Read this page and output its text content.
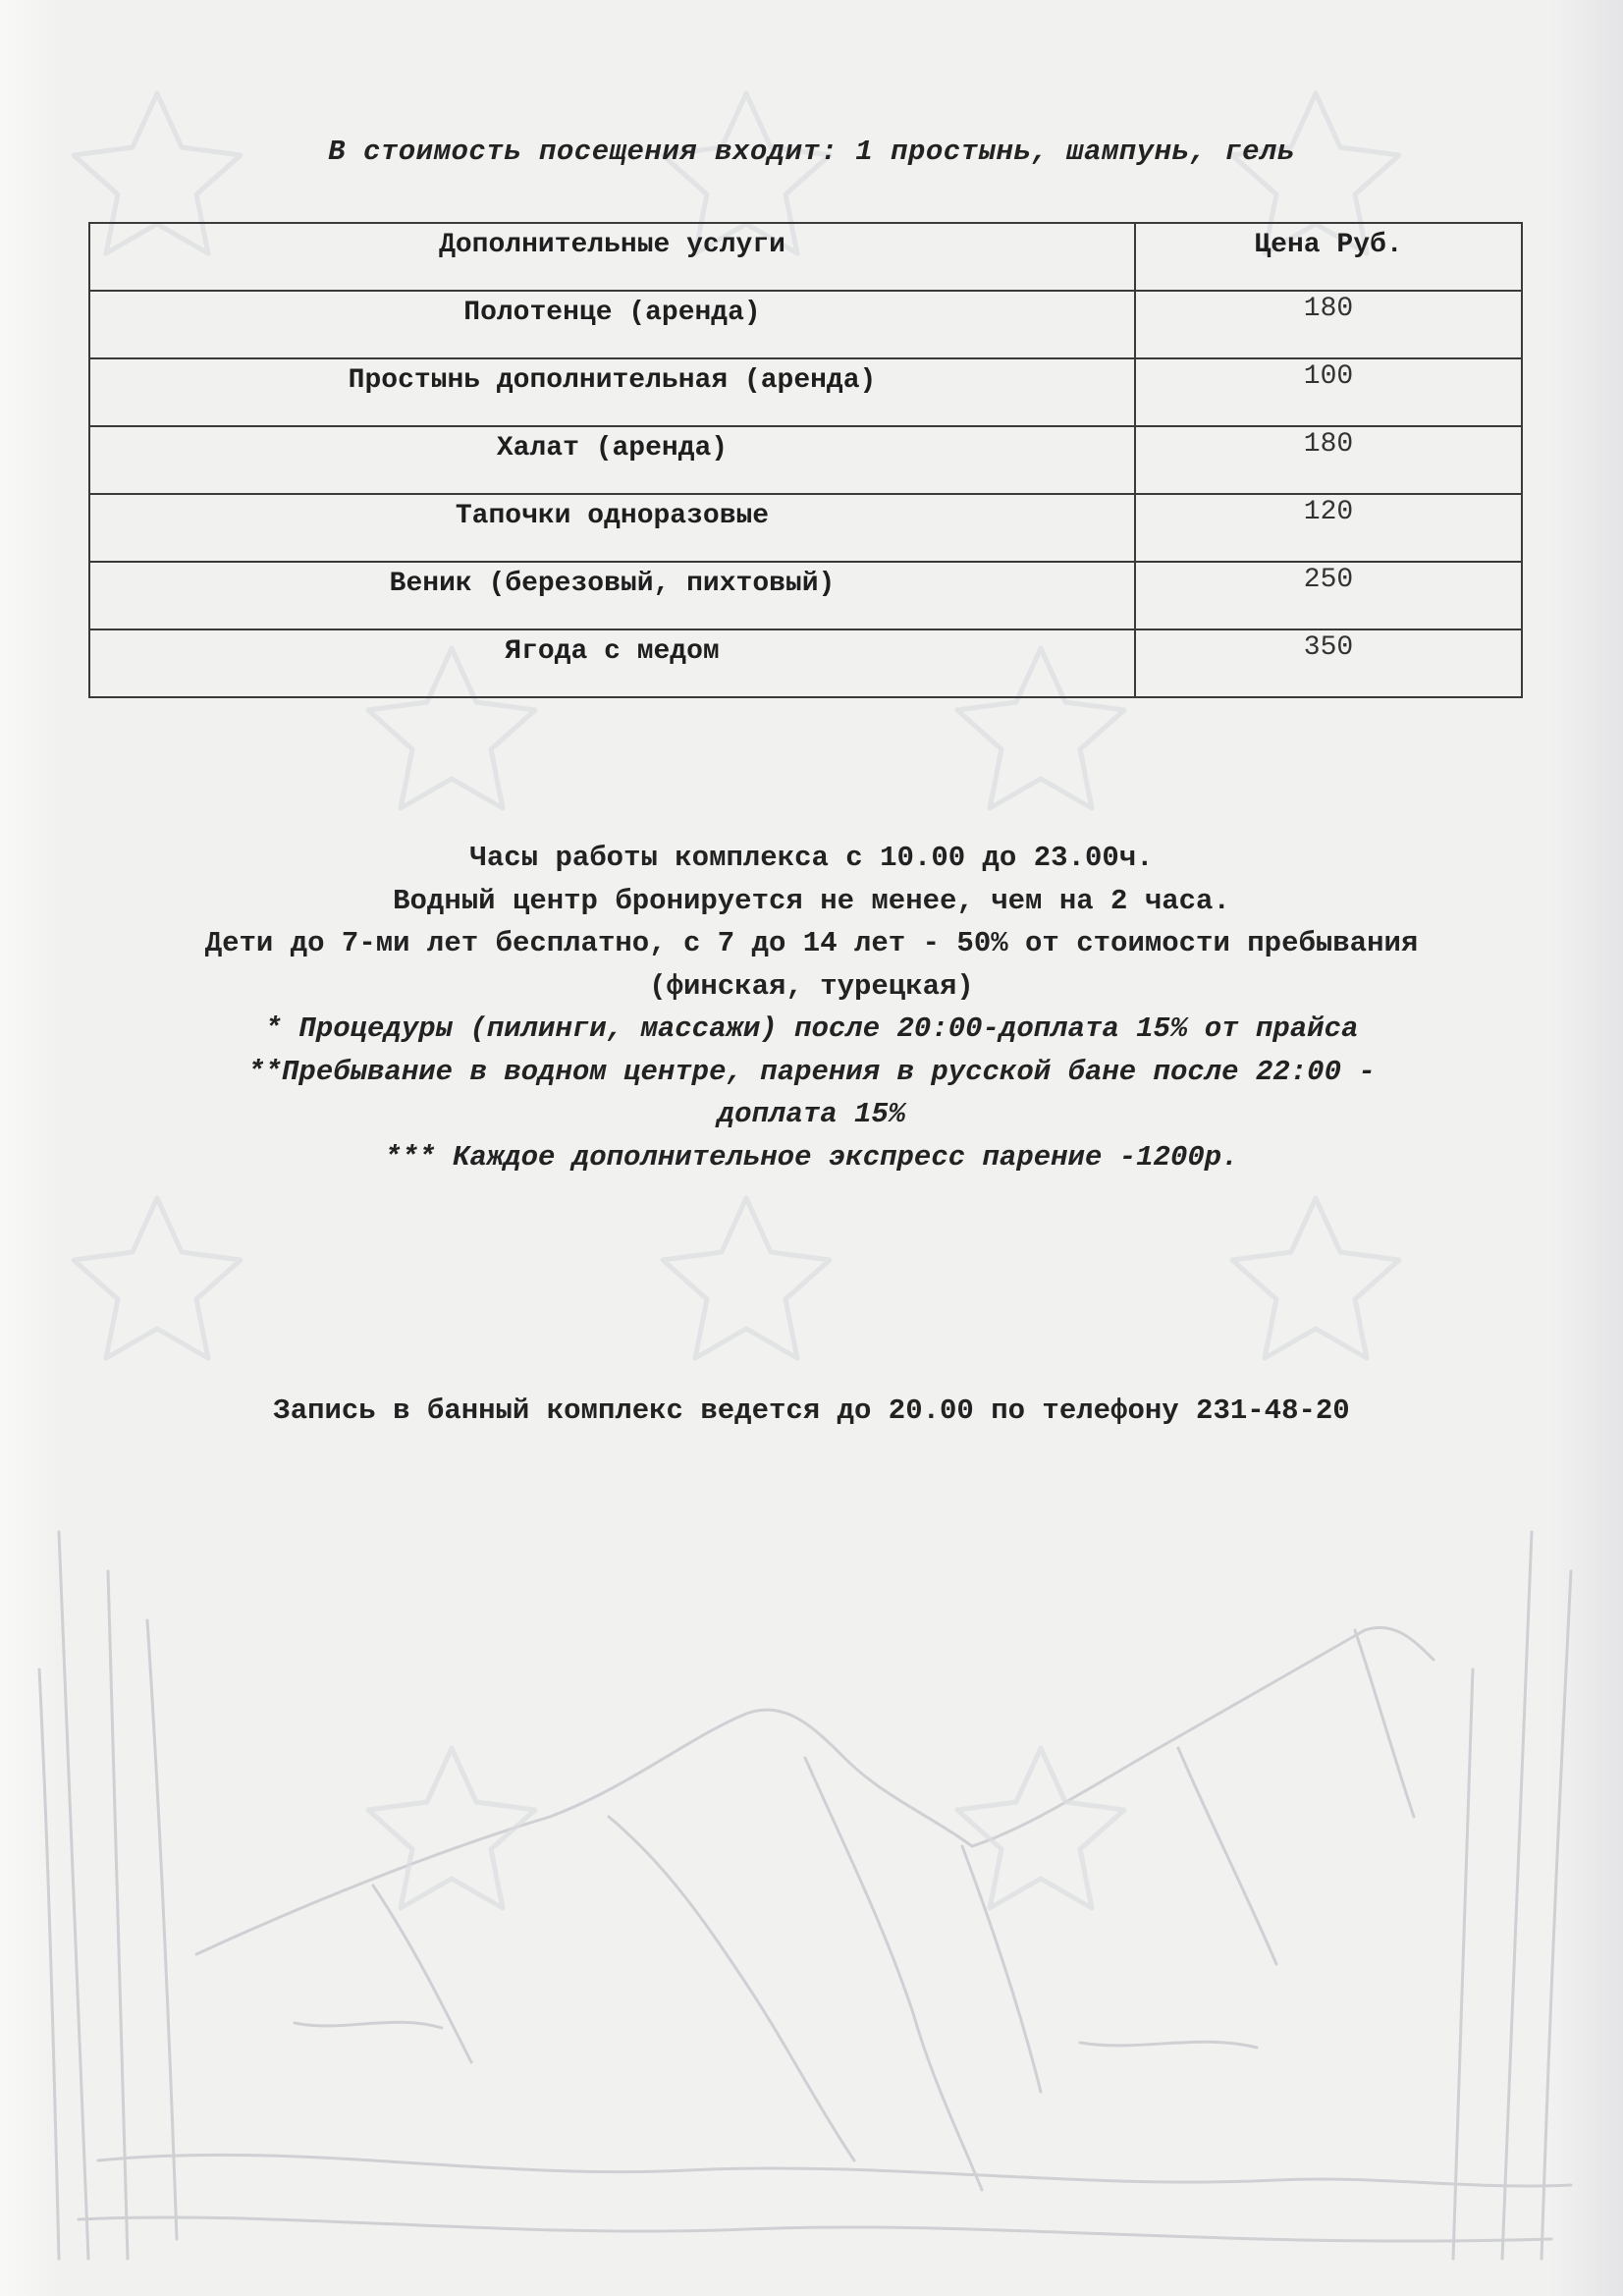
В стоимость посещения входит: 1 простынь, шампунь, гель
Дополнительные услуги	Цена Руб.
Полотенце (аренда)	180
Простынь дополнительная (аренда)	100
Халат (аренда)	180
Тапочки одноразовые	120
Веник (березовый, пихтовый)	250
Ягода с медом	350

Часы работы комплекса с 10.00 до 23.00ч.

Водный центр бронируется не менее, чем на 2 часа.

Дети до 7-ми лет бесплатно, с 7 до 14 лет - 50% от стоимости пребывания

(финская, турецкая)

* Процедуры (пилинги, массажи) после 20:00-доплата 15% от прайса

**Пребывание в водном центре, парения в русской бане после 22:00 -

доплата 15%

*** Каждое дополнительное экспресс парение -1200р.

Запись в банный комплекс ведется до 20.00 по телефону 231-48-20
